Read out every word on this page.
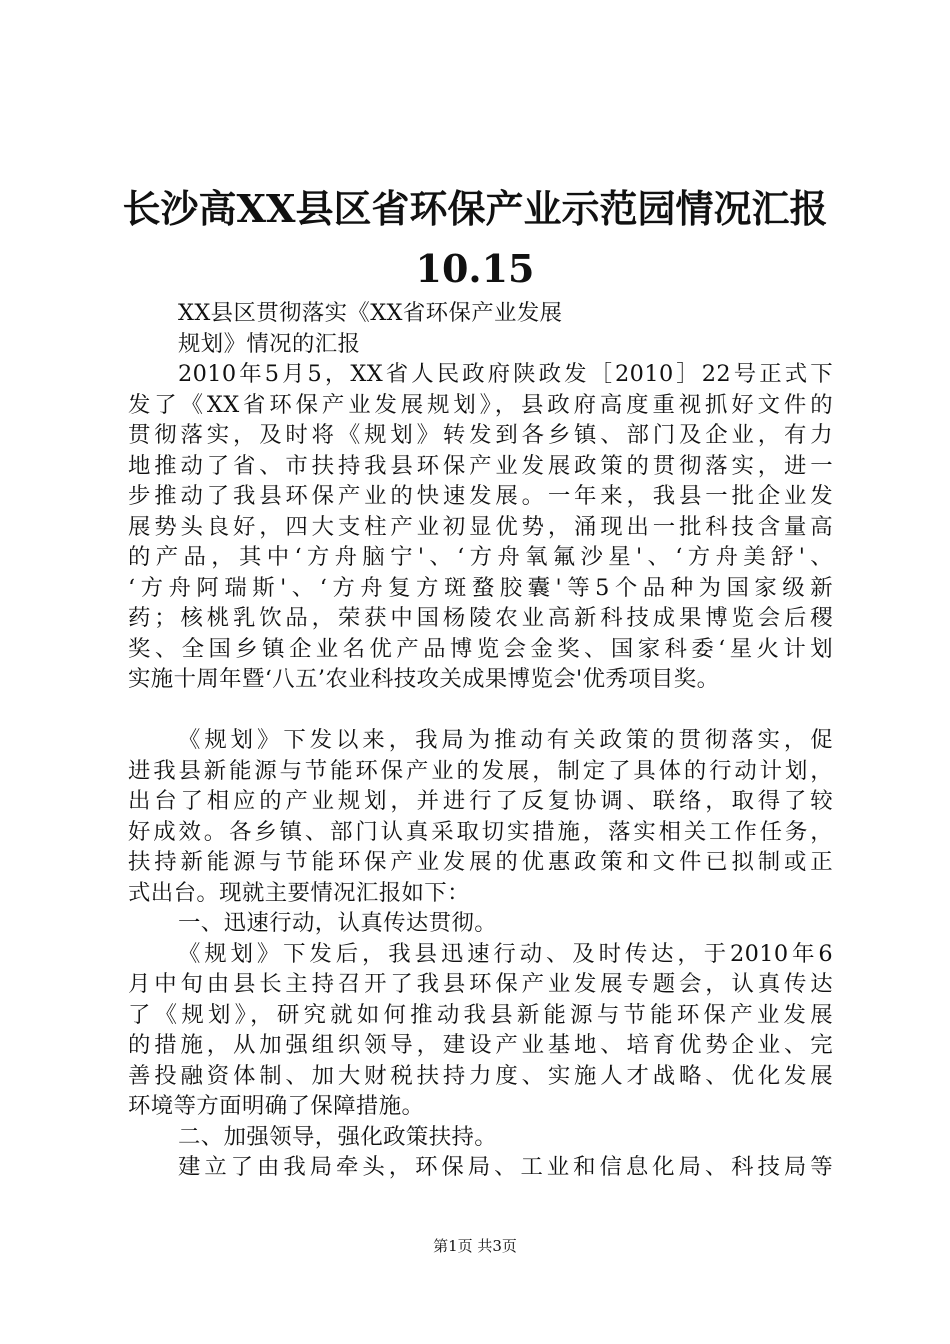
长沙高XX县区省环保产业示范园情况汇报
10.15
XX县区贯彻落实《XX省环保产业发展
规划》情况的汇报
2010年5月5，XX省人民政府陕政发［2010］22号正式下
发了《XX省环保产业发展规划》，县政府高度重视抓好文件的
贯彻落实，及时将《规划》转发到各乡镇、部门及企业，有力
地推动了省、市扶持我县环保产业发展政策的贯彻落实，进一
步推动了我县环保产业的快速发展。一年来，我县一批企业发
展势头良好，四大支柱产业初显优势，涌现出一批科技含量高
的产品，其中‘方舟脑宁'、‘方舟氧氟沙星'、‘方舟美舒'、
‘方舟阿瑞斯'、‘方舟复方斑蝥胶囊'等5个品种为国家级新
药；核桃乳饮品，荣获中国杨陵农业高新科技成果博览会后稷
奖、全国乡镇企业名优产品博览会金奖、国家科委‘星火计划
实施十周年暨‘八五’农业科技攻关成果博览会'优秀项目奖。
《规划》下发以来，我局为推动有关政策的贯彻落实，促
进我县新能源与节能环保产业的发展，制定了具体的行动计划，
出台了相应的产业规划，并进行了反复协调、联络，取得了较
好成效。各乡镇、部门认真采取切实措施，落实相关工作任务，
扶持新能源与节能环保产业发展的优惠政策和文件已拟制或正
式出台。现就主要情况汇报如下：
一、迅速行动，认真传达贯彻。
《规划》下发后，我县迅速行动、及时传达，于2010年6
月中旬由县长主持召开了我县环保产业发展专题会，认真传达
了《规划》，研究就如何推动我县新能源与节能环保产业发展
的措施，从加强组织领导，建设产业基地、培育优势企业、完
善投融资体制、加大财税扶持力度、实施人才战略、优化发展
环境等方面明确了保障措施。
二、加强领导，强化政策扶持。
建立了由我局牵头，环保局、工业和信息化局、科技局等
第1页 共3页
